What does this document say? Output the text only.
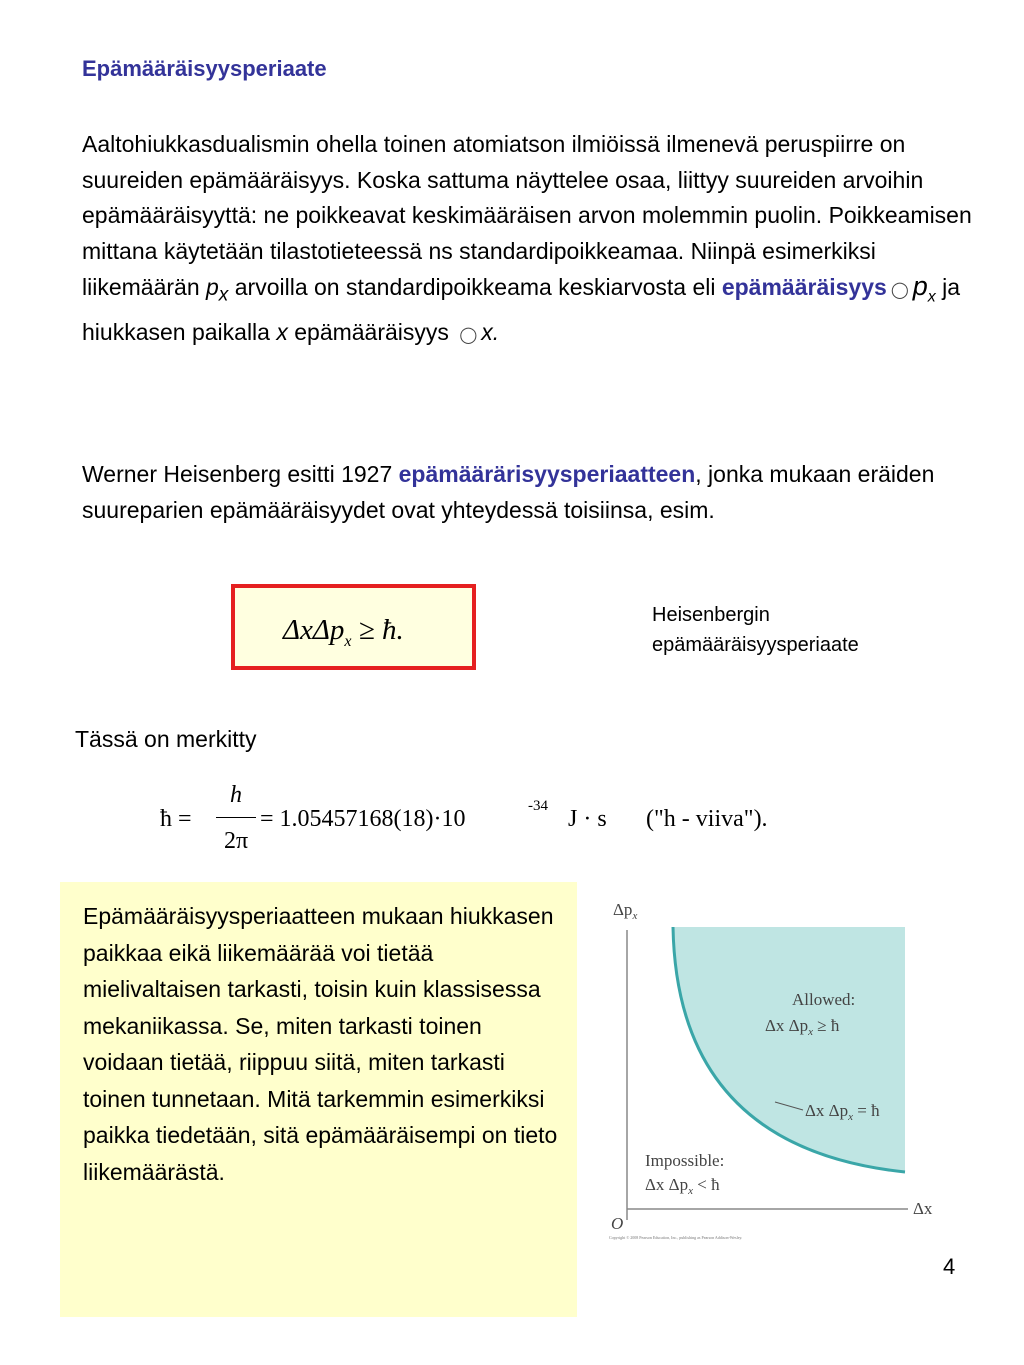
Epämääräisyysperiaate
Aaltohiukkasdualismin ohella toinen atomiatson ilmiöissä ilmenevä peruspiirre on suureiden epämääräisyys. Koska sattuma näyttelee osaa, liittyy suureiden arvoihin epämääräisyyttä: ne poikkeavat keskimääräisen arvon molemmin puolin. Poikkeamisen mittana käytetään tilastotieteessä ns standardipoikkeamaa. Niinpä esimerkiksi liikemäärän $p_x$ arvoilla on standardipoikkeama keskiarvosta eli epämääräisyys ◯ $p_x$ ja hiukkasen paikalla x epämääräisyys ◯ x.
Werner Heisenberg esitti 1927 epämäärärisyysperiaatteen, jonka mukaan eräiden suureparien epämääräisyydet ovat yhteydessä toisiinsa, esim.
ΔxΔp$_x$ ≥ ħ.	Heisenbergin
epämääräisyysperiaate
Tässä on merkitty
ħ =
h
2π
= 1.05457168(18)·10	-34 J · s ("h - viiva").
Epämääräisyysperiaatteen mukaan hiukkasen paikkaa eikä liikemäärää voi tietää mielivaltaisen tarkasti, toisin kuin klassisessa mekaniikassa. Se, miten tarkasti toinen voidaan tietää, riippuu siitä, miten tarkasti toinen tunnetaan. Mitä tarkemmin esimerkiksi paikka tiedetään, sitä epämääräisempi on tieto liikemäärästä.
$\Delta p_x$
Δx
O
Allowed:
Δx $\Delta p_x$ ≥ ħ
Δx $\Delta p_x$ = ħ
Impossible:
Δx $\Delta p_x$ < ħ
Copyright © 2008 Pearson Education, Inc., publishing as Pearson Addison-Wesley.
4
